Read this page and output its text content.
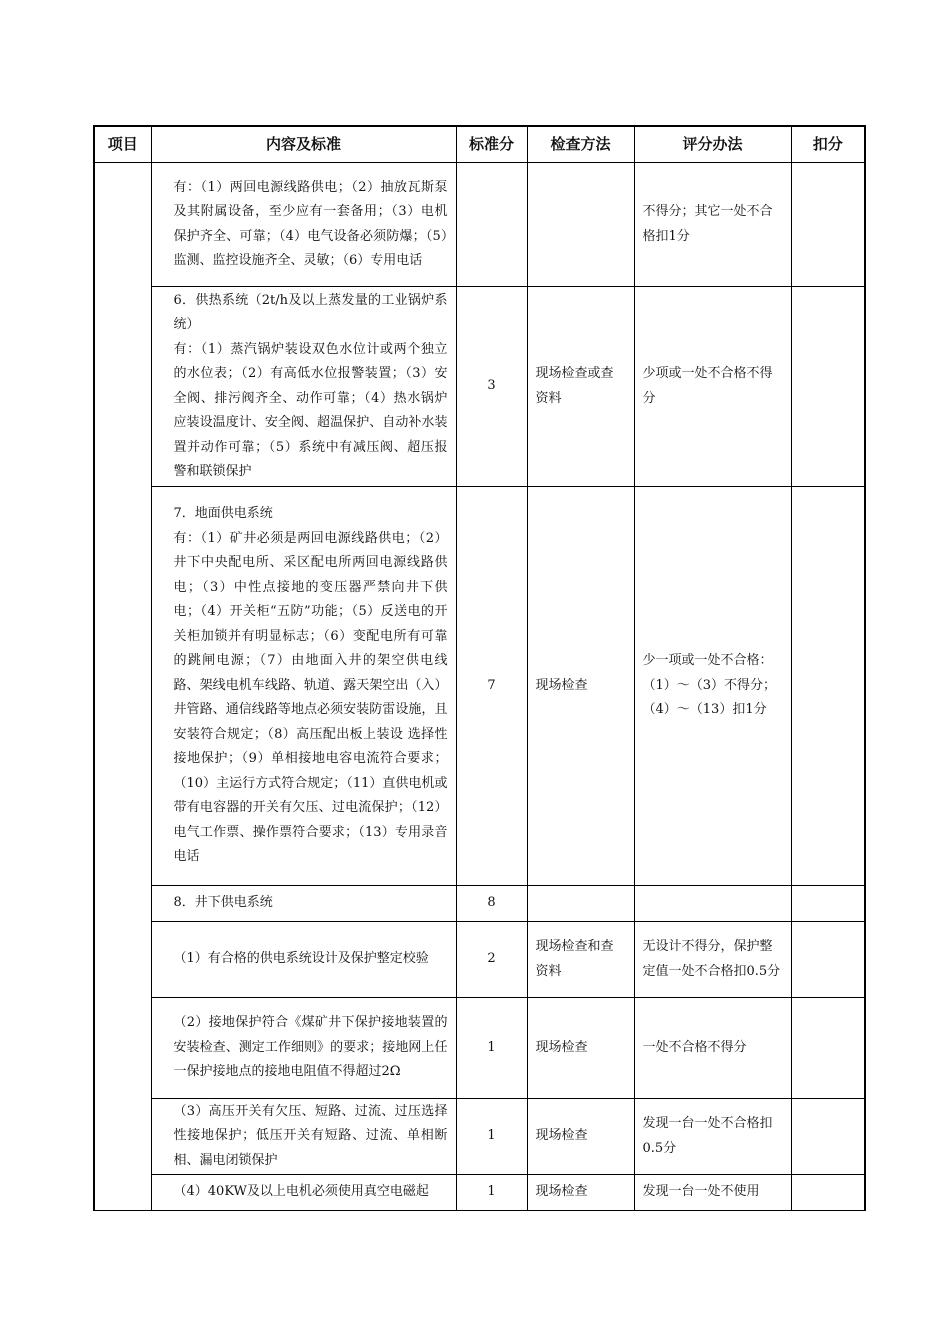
项目	内容及标准	标准分	检查方法	评分办法	扣分

	有：（1）两回电源线路供电；（2）抽放瓦斯泵及其附属设备，至少应有一套备用；（3）电机保护齐全、可靠；（4）电气设备必须防爆；（5）监测、监控设施齐全、灵敏；（6）专用电话			不得分；其它一处不合格扣1分	

	6．供热系统（2t/h及以上蒸发量的工业锅炉系统）
有：（1）蒸汽锅炉装设双色水位计或两个独立的水位表；（2）有高低水位报警装置；（3）安全阀、排污阀齐全、动作可靠；（4）热水锅炉应装设温度计、安全阀、超温保护、自动补水装置并动作可靠；（5）系统中有减压阀、超压报警和联锁保护	3	现场检查或查资料	少项或一处不合格不得分	

	7．地面供电系统
有：（1）矿井必须是两回电源线路供电；（2）井下中央配电所、采区配电所两回电源线路供电；（3）中性点接地的变压器严禁向井下供电；（4）开关柜“五防”功能；（5）反送电的开关柜加锁并有明显标志；（6）变配电所有可靠的跳闸电源；（7）由地面入井的架空供电线路、架线电机车线路、轨道、露天架空出（入）井管路、通信线路等地点必须安装防雷设施，且安装符合规定；（8）高压配出板上装设 选择性接地保护；（9）单相接地电容电流符合要求；（10）主运行方式符合规定；（11）直供电机或带有电容器的开关有欠压、过电流保护；（12）电气工作票、操作票符合要求；（13）专用录音电话	7	现场检查	少一项或一处不合格：（1）～（3）不得分；
（4）～（13）扣1分	

	8．井下供电系统	8		

	（1）有合格的供电系统设计及保护整定校验	2	现场检查和查资料	无设计不得分，保护整定值一处不合格扣0.5分	

	（2）接地保护符合《煤矿井下保护接地装置的安装检查、测定工作细则》的要求；接地网上任一保护接地点的接地电阻值不得超过2Ω	1	现场检查	一处不合格不得分	

	（3）高压开关有欠压、短路、过流、过压选择性接地保护；低压开关有短路、过流、单相断相、漏电闭锁保护	1	现场检查	发现一台一处不合格扣0.5分	

	（4）40KW及以上电机必须使用真空电磁起	1	现场检查	发现一台一处不使用	
